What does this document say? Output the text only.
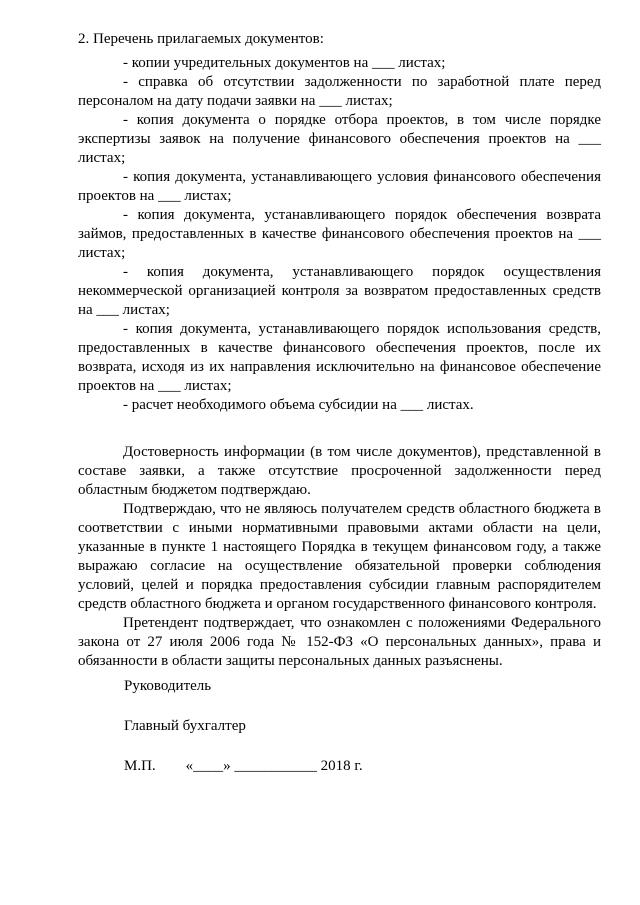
2. Перечень прилагаемых документов:

- копии учредительных документов на ___ листах;

- справка об отсутствии задолженности по заработной плате перед персоналом на дату подачи заявки на ___ листах;

- копия документа о порядке отбора проектов, в том числе порядке экспертизы заявок на получение финансового обеспечения проектов на ___ листах;

- копия документа, устанавливающего условия финансового обеспечения проектов на ___ листах;

- копия документа, устанавливающего порядок обеспечения возврата займов, предоставленных в качестве финансового обеспечения проектов на ___ листах;

- копия документа, устанавливающего порядок осуществления некоммерческой организацией контроля за возвратом предоставленных средств на ___ листах;

- копия документа, устанавливающего порядок использования средств, предоставленных в качестве финансового обеспечения проектов, после их возврата, исходя из их направления исключительно на финансовое обеспечение проектов на ___ листах;

- расчет необходимого объема субсидии на ___ листах.

Достоверность информации (в том числе документов), представленной в составе заявки, а также отсутствие просроченной задолженности перед областным бюджетом подтверждаю.

Подтверждаю, что не являюсь получателем средств областного бюджета в соответствии с иными нормативными правовыми актами области на цели, указанные в пункте 1 настоящего Порядка в текущем финансовом году, а также выражаю согласие на осуществление обязательной проверки соблюдения условий, целей и порядка предоставления субсидии главным распорядителем средств областного бюджета и органом государственного финансового контроля.

Претендент подтверждает, что ознакомлен с положениями Федерального закона от 27 июля 2006 года № 152-ФЗ «О персональных данных», права и обязанности в области защиты персональных данных разъяснены.

Руководитель

Главный бухгалтер

М.П. «____» ___________ 2018 г.
